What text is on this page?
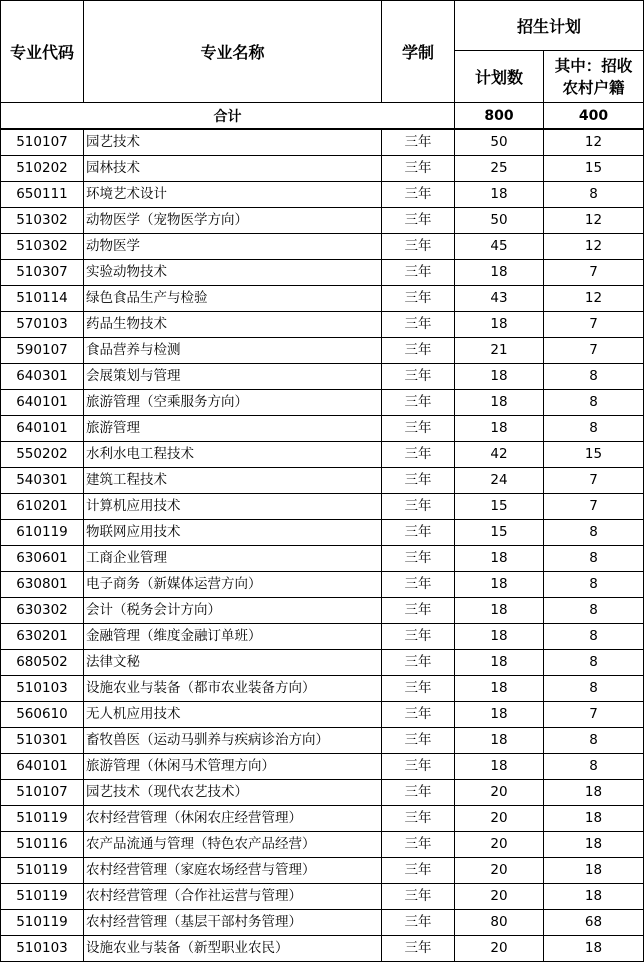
专业代码	专业名称	学制	招生计划	
			计划数	其中：招收
农村户籍

合计			800	400
510107	园艺技术	三年	50	12
510202	园林技术	三年	25	15
650111	环境艺术设计	三年	18	8
510302	动物医学（宠物医学方向）	三年	50	12
510302	动物医学	三年	45	12
510307	实验动物技术	三年	18	7
510114	绿色食品生产与检验	三年	43	12
570103	药品生物技术	三年	18	7
590107	食品营养与检测	三年	21	7
640301	会展策划与管理	三年	18	8
640101	旅游管理（空乘服务方向）	三年	18	8
640101	旅游管理	三年	18	8
550202	水利水电工程技术	三年	42	15
540301	建筑工程技术	三年	24	7
610201	计算机应用技术	三年	15	7
610119	物联网应用技术	三年	15	8
630601	工商企业管理	三年	18	8
630801	电子商务（新媒体运营方向）	三年	18	8
630302	会计（税务会计方向）	三年	18	8
630201	金融管理（维度金融订单班）	三年	18	8
680502	法律文秘	三年	18	8
510103	设施农业与装备（都市农业装备方向）	三年	18	8
560610	无人机应用技术	三年	18	7
510301	畜牧兽医（运动马驯养与疾病诊治方向）	三年	18	8
640101	旅游管理（休闲马术管理方向）	三年	18	8
510107	园艺技术（现代农艺技术）	三年	20	18
510119	农村经营管理（休闲农庄经营管理）	三年	20	18
510116	农产品流通与管理（特色农产品经营）	三年	20	18
510119	农村经营管理（家庭农场经营与管理）	三年	20	18
510119	农村经营管理（合作社运营与管理）	三年	20	18
510119	农村经营管理（基层干部村务管理）	三年	80	68
510103	设施农业与装备（新型职业农民）	三年	20	18
